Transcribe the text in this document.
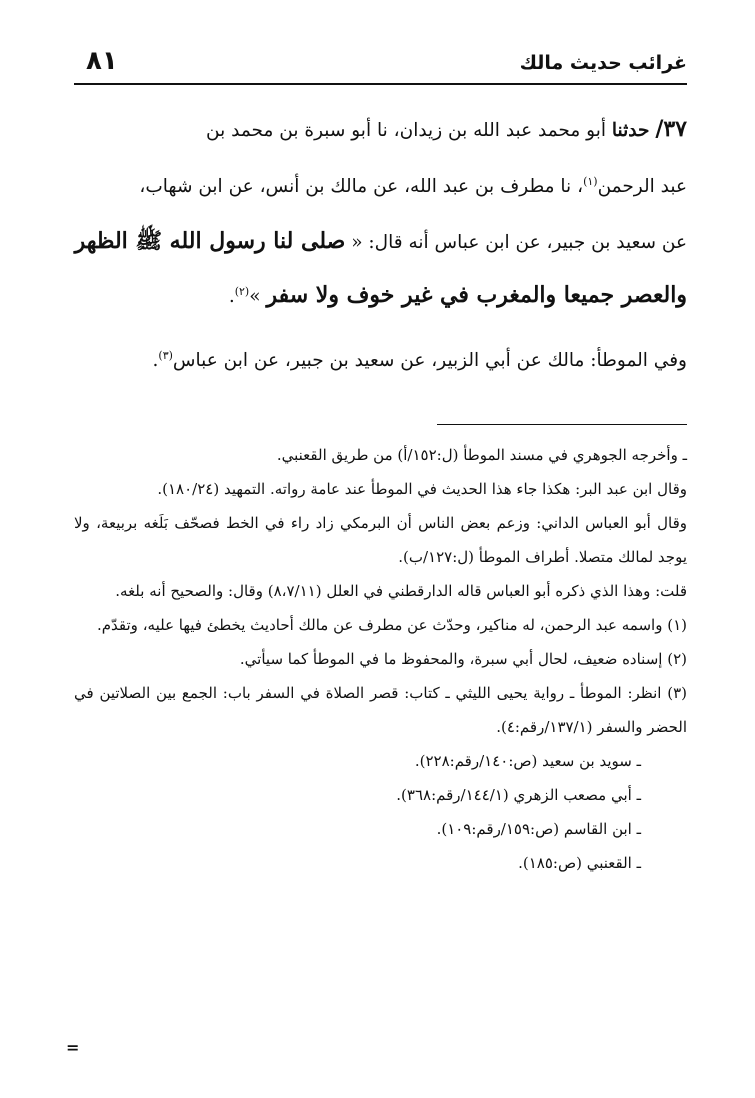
غرائب حديث مالك
٨١

٣٧/ حدثنا أبو محمد عبد الله بن زيدان، نا أبو سبرة بن محمد بن

عبد الرحمن$^{(١)}$، نا مطرف بن عبد الله، عن مالك بن أنس، عن ابن شهاب،

عن سعيد بن جبير، عن ابن عباس أنه قال: « صلى لنا رسول الله ﷺ الظهر

والعصر جميعا والمغرب في غير خوف ولا سفر »$^{(٢)}$.

وفي الموطأ: مالك عن أبي الزبير، عن سعيد بن جبير، عن ابن عباس$^{(٣)}$.

ـ وأخرجه الجوهري في مسند الموطأ (ل:١٥٢/أ) من طريق القعنبي.

وقال ابن عبد البر: هكذا جاء هذا الحديث في الموطأ عند عامة رواته. التمهيد (١٨٠/٢٤).

وقال أبو العباس الداني: وزعم بعض الناس أن البرمكي زاد راء في الخط فصحّف بَلَغه بربيعة، ولا يوجد لمالك متصلا. أطراف الموطأ (ل:١٢٧/ب).

قلت: وهذا الذي ذكره أبو العباس قاله الدارقطني في العلل (٨،٧/١١) وقال: والصحيح أنه بلغه.

(١) واسمه عبد الرحمن، له مناكير، وحدّث عن مطرف عن مالك أحاديث يخطئ فيها عليه، وتقدّم.

(٢) إسناده ضعيف، لحال أبي سبرة، والمحفوظ ما في الموطأ كما سيأتي.

(٣) انظر: الموطأ ـ رواية يحيى الليثي ـ كتاب: قصر الصلاة في السفر باب: الجمع بين الصلاتين في الحضر والسفر (١٣٧/١/رقم:٤).

ـ سويد بن سعيد (ص:١٤٠/رقم:٢٢٨).

ـ أبي مصعب الزهري (١٤٤/١/رقم:٣٦٨).

ـ ابن القاسم (ص:١٥٩/رقم:١٠٩).

ـ القعنبي (ص:١٨٥).

=
